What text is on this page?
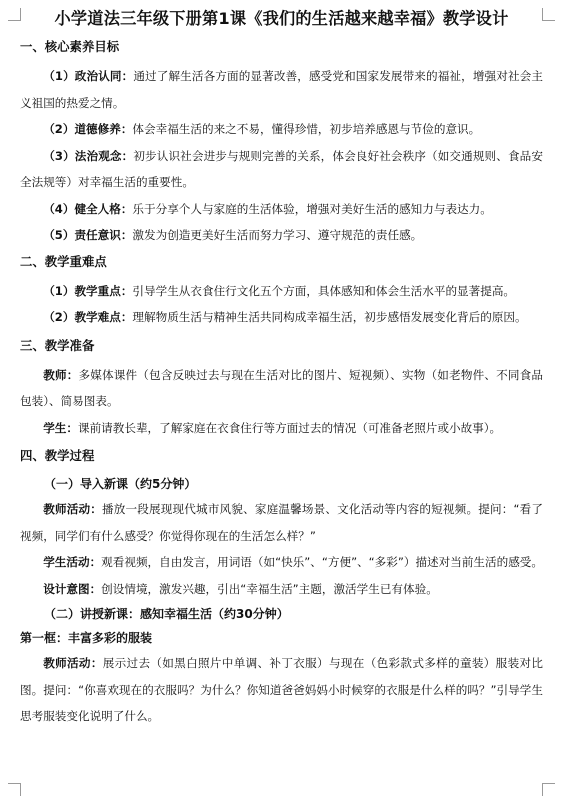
小学道法三年级下册第1课《我们的生活越来越幸福》教学设计
一、核心素养目标

（1）政治认同：通过了解生活各方面的显著改善，感受党和国家发展带来的福祉，增强对社会主义祖国的热爱之情。

（2）道德修养：体会幸福生活的来之不易，懂得珍惜，初步培养感恩与节俭的意识。

（3）法治观念：初步认识社会进步与规则完善的关系，体会良好社会秩序（如交通规则、食品安全法规等）对幸福生活的重要性。

（4）健全人格：乐于分享个人与家庭的生活体验，增强对美好生活的感知力与表达力。

（5）责任意识：激发为创造更美好生活而努力学习、遵守规范的责任感。

二、教学重难点

（1）教学重点：引导学生从衣食住行文化五个方面，具体感知和体会生活水平的显著提高。

（2）教学难点：理解物质生活与精神生活共同构成幸福生活，初步感悟发展变化背后的原因。

三、教学准备

教师：多媒体课件（包含反映过去与现在生活对比的图片、短视频）、实物（如老物件、不同食品包装）、简易图表。

学生：课前请教长辈，了解家庭在衣食住行等方面过去的情况（可准备老照片或小故事）。

四、教学过程
（一）导入新课（约5分钟）

教师活动：播放一段展现现代城市风貌、家庭温馨场景、文化活动等内容的短视频。提问：“看了视频，同学们有什么感受？你觉得你现在的生活怎么样？”

学生活动：观看视频，自由发言，用词语（如“快乐”、“方便”、“多彩”）描述对当前生活的感受。

设计意图：创设情境，激发兴趣，引出“幸福生活”主题，激活学生已有体验。

（二）讲授新课：感知幸福生活（约30分钟）
第一框：丰富多彩的服装

教师活动：展示过去（如黑白照片中单调、补丁衣服）与现在（色彩款式多样的童装）服装对比图。提问：“你喜欢现在的衣服吗？为什么？你知道爸爸妈妈小时候穿的衣服是什么样的吗？”引导学生思考服装变化说明了什么。
